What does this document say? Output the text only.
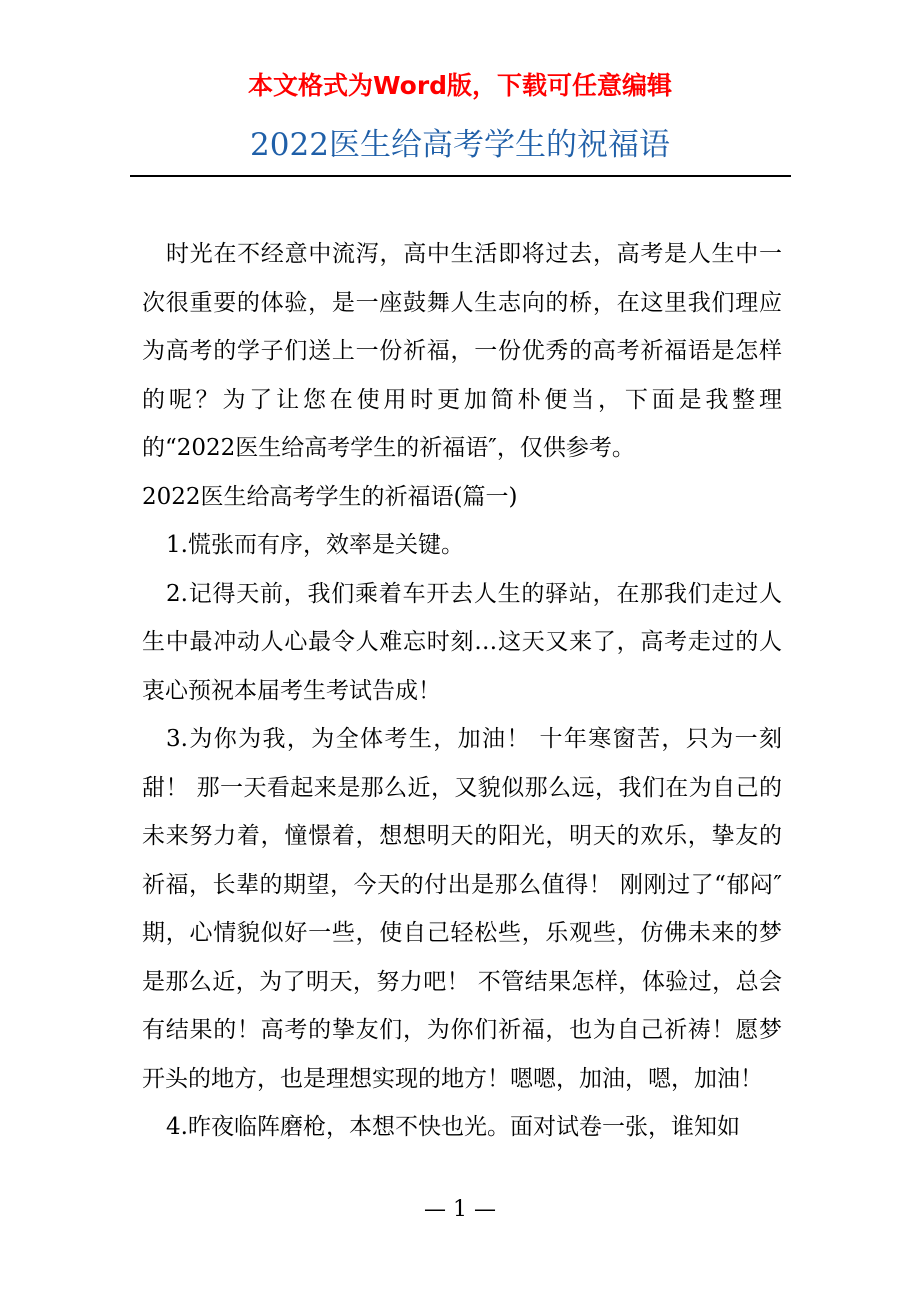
本文格式为Word版，下载可任意编辑
2022医生给高考学生的祝福语

时光在不经意中流泻，高中生活即将过去，高考是人生中一次很重要的体验，是一座鼓舞人生志向的桥，在这里我们理应为高考的学子们送上一份祈福，一份优秀的高考祈福语是怎样的呢？为了让您在使用时更加简朴便当，下面是我整理的“2022医生给高考学生的祈福语″，仅供参考。

2022医生给高考学生的祈福语(篇一)

1.慌张而有序，效率是关键。

2.记得天前，我们乘着车开去人生的驿站，在那我们走过人生中最冲动人心最令人难忘时刻…这天又来了，高考走过的人衷心预祝本届考生考试告成！

3.为你为我，为全体考生，加油！ 十年寒窗苦，只为一刻甜！ 那一天看起来是那么近，又貌似那么远，我们在为自己的未来努力着，憧憬着，想想明天的阳光，明天的欢乐，挚友的祈福，长辈的期望，今天的付出是那么值得！ 刚刚过了“郁闷″期，心情貌似好一些，使自己轻松些，乐观些，仿佛未来的梦是那么近，为了明天，努力吧！ 不管结果怎样，体验过，总会有结果的！高考的挚友们，为你们祈福，也为自己祈祷！愿梦开头的地方，也是理想实现的地方！嗯嗯，加油，嗯，加油！

4.昨夜临阵磨枪，本想不快也光。面对试卷一张，谁知如

— 1 —
